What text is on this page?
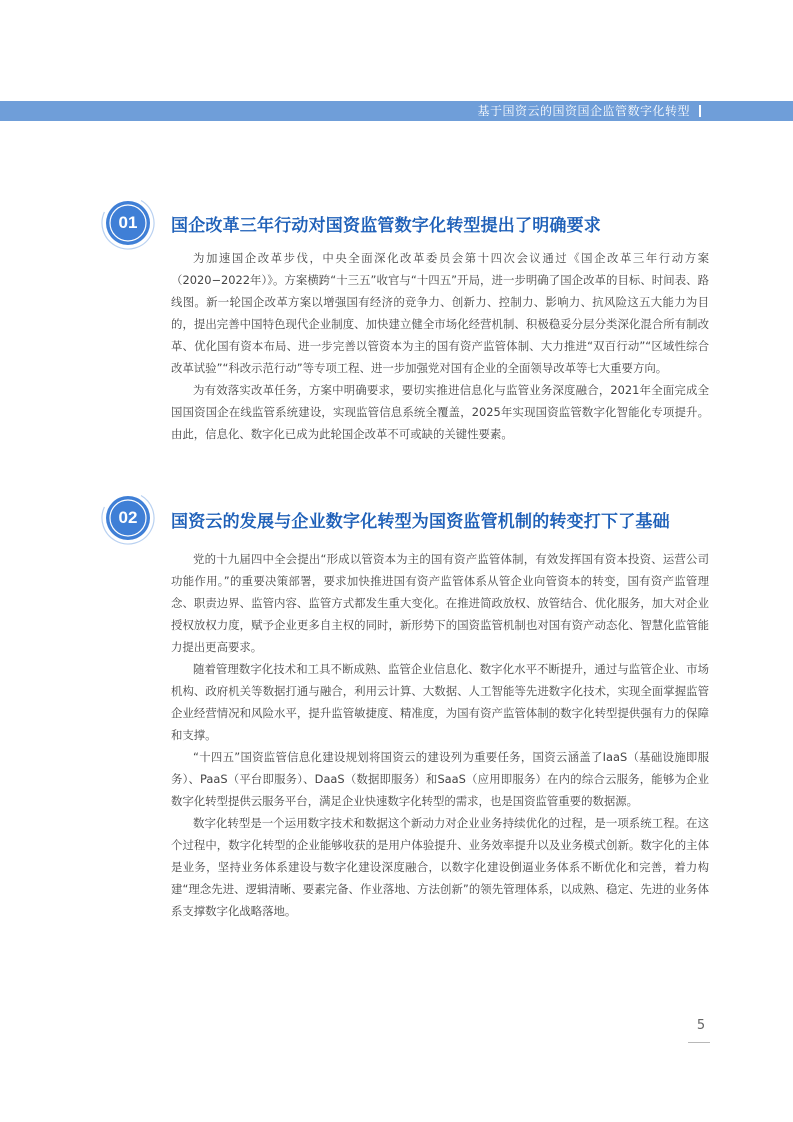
基于国资云的国资国企监管数字化转型
01	国企改革三年行动对国资监管数字化转型提出了明确要求

为加速国企改革步伐，中央全面深化改革委员会第十四次会议通过《国企改革三年行动方案（2020−2022年）》。方案横跨“十三五”收官与“十四五”开局，进一步明确了国企改革的目标、时间表、路线图。新一轮国企改革方案以增强国有经济的竞争力、创新力、控制力、影响力、抗风险这五大能力为目的，提出完善中国特色现代企业制度、加快建立健全市场化经营机制、积极稳妥分层分类深化混合所有制改革、优化国有资本布局、进一步完善以管资本为主的国有资产监管体制、大力推进“双百行动”“区域性综合改革试验”“科改示范行动”等专项工程、进一步加强党对国有企业的全面领导改革等七大重要方向。

为有效落实改革任务，方案中明确要求，要切实推进信息化与监管业务深度融合，2021年全面完成全国国资国企在线监管系统建设，实现监管信息系统全覆盖，2025年实现国资监管数字化智能化专项提升。由此，信息化、数字化已成为此轮国企改革不可或缺的关键性要素。

02	国资云的发展与企业数字化转型为国资监管机制的转变打下了基础

党的十九届四中全会提出“形成以管资本为主的国有资产监管体制，有效发挥国有资本投资、运营公司功能作用。”的重要决策部署，要求加快推进国有资产监管体系从管企业向管资本的转变，国有资产监管理念、职责边界、监管内容、监管方式都发生重大变化。在推进简政放权、放管结合、优化服务，加大对企业授权放权力度，赋予企业更多自主权的同时，新形势下的国资监管机制也对国有资产动态化、智慧化监管能力提出更高要求。

随着管理数字化技术和工具不断成熟、监管企业信息化、数字化水平不断提升，通过与监管企业、市场机构、政府机关等数据打通与融合，利用云计算、大数据、人工智能等先进数字化技术，实现全面掌握监管企业经营情况和风险水平，提升监管敏捷度、精准度，为国有资产监管体制的数字化转型提供强有力的保障和支撑。

“十四五”国资监管信息化建设规划将国资云的建设列为重要任务，国资云涵盖了IaaS（基础设施即服务）、PaaS（平台即服务）、DaaS（数据即服务）和SaaS（应用即服务）在内的综合云服务，能够为企业数字化转型提供云服务平台，满足企业快速数字化转型的需求，也是国资监管重要的数据源。

数字化转型是一个运用数字技术和数据这个新动力对企业业务持续优化的过程，是一项系统工程。在这个过程中，数字化转型的企业能够收获的是用户体验提升、业务效率提升以及业务模式创新。数字化的主体是业务，坚持业务体系建设与数字化建设深度融合，以数字化建设倒逼业务体系不断优化和完善，着力构建“理念先进、逻辑清晰、要素完备、作业落地、方法创新”的领先管理体系，以成熟、稳定、先进的业务体系支撑数字化战略落地。

5
